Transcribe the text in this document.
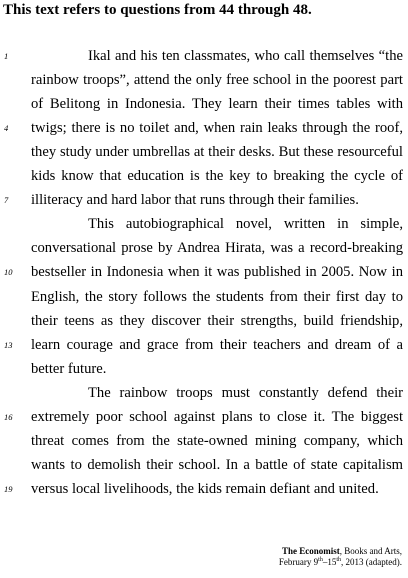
This text refers to questions from 44 through 48.
1	Ikal and his ten classmates, who call themselves “the
rainbow troops”, attend the only free school in the poorest part
of Belitong in Indonesia. They learn their times tables with
4	twigs; there is no toilet and, when rain leaks through the roof,
they study under umbrellas at their desks. But these resourceful
kids know that education is the key to breaking the cycle of
7	illiteracy and hard labor that runs through their families.
This autobiographical novel, written in simple,
conversational prose by Andrea Hirata, was a record-breaking
10	bestseller in Indonesia when it was published in 2005. Now in
English, the story follows the students from their first day to
their teens as they discover their strengths, build friendship,
13	learn courage and grace from their teachers and dream of a
better future.
The rainbow troops must constantly defend their
16	extremely poor school against plans to close it. The biggest
threat comes from the state-owned mining company, which
wants to demolish their school. In a battle of state capitalism
19	versus local livelihoods, the kids remain defiant and united.
The Economist, Books and Arts,
February 9th–15th, 2013 (adapted).
